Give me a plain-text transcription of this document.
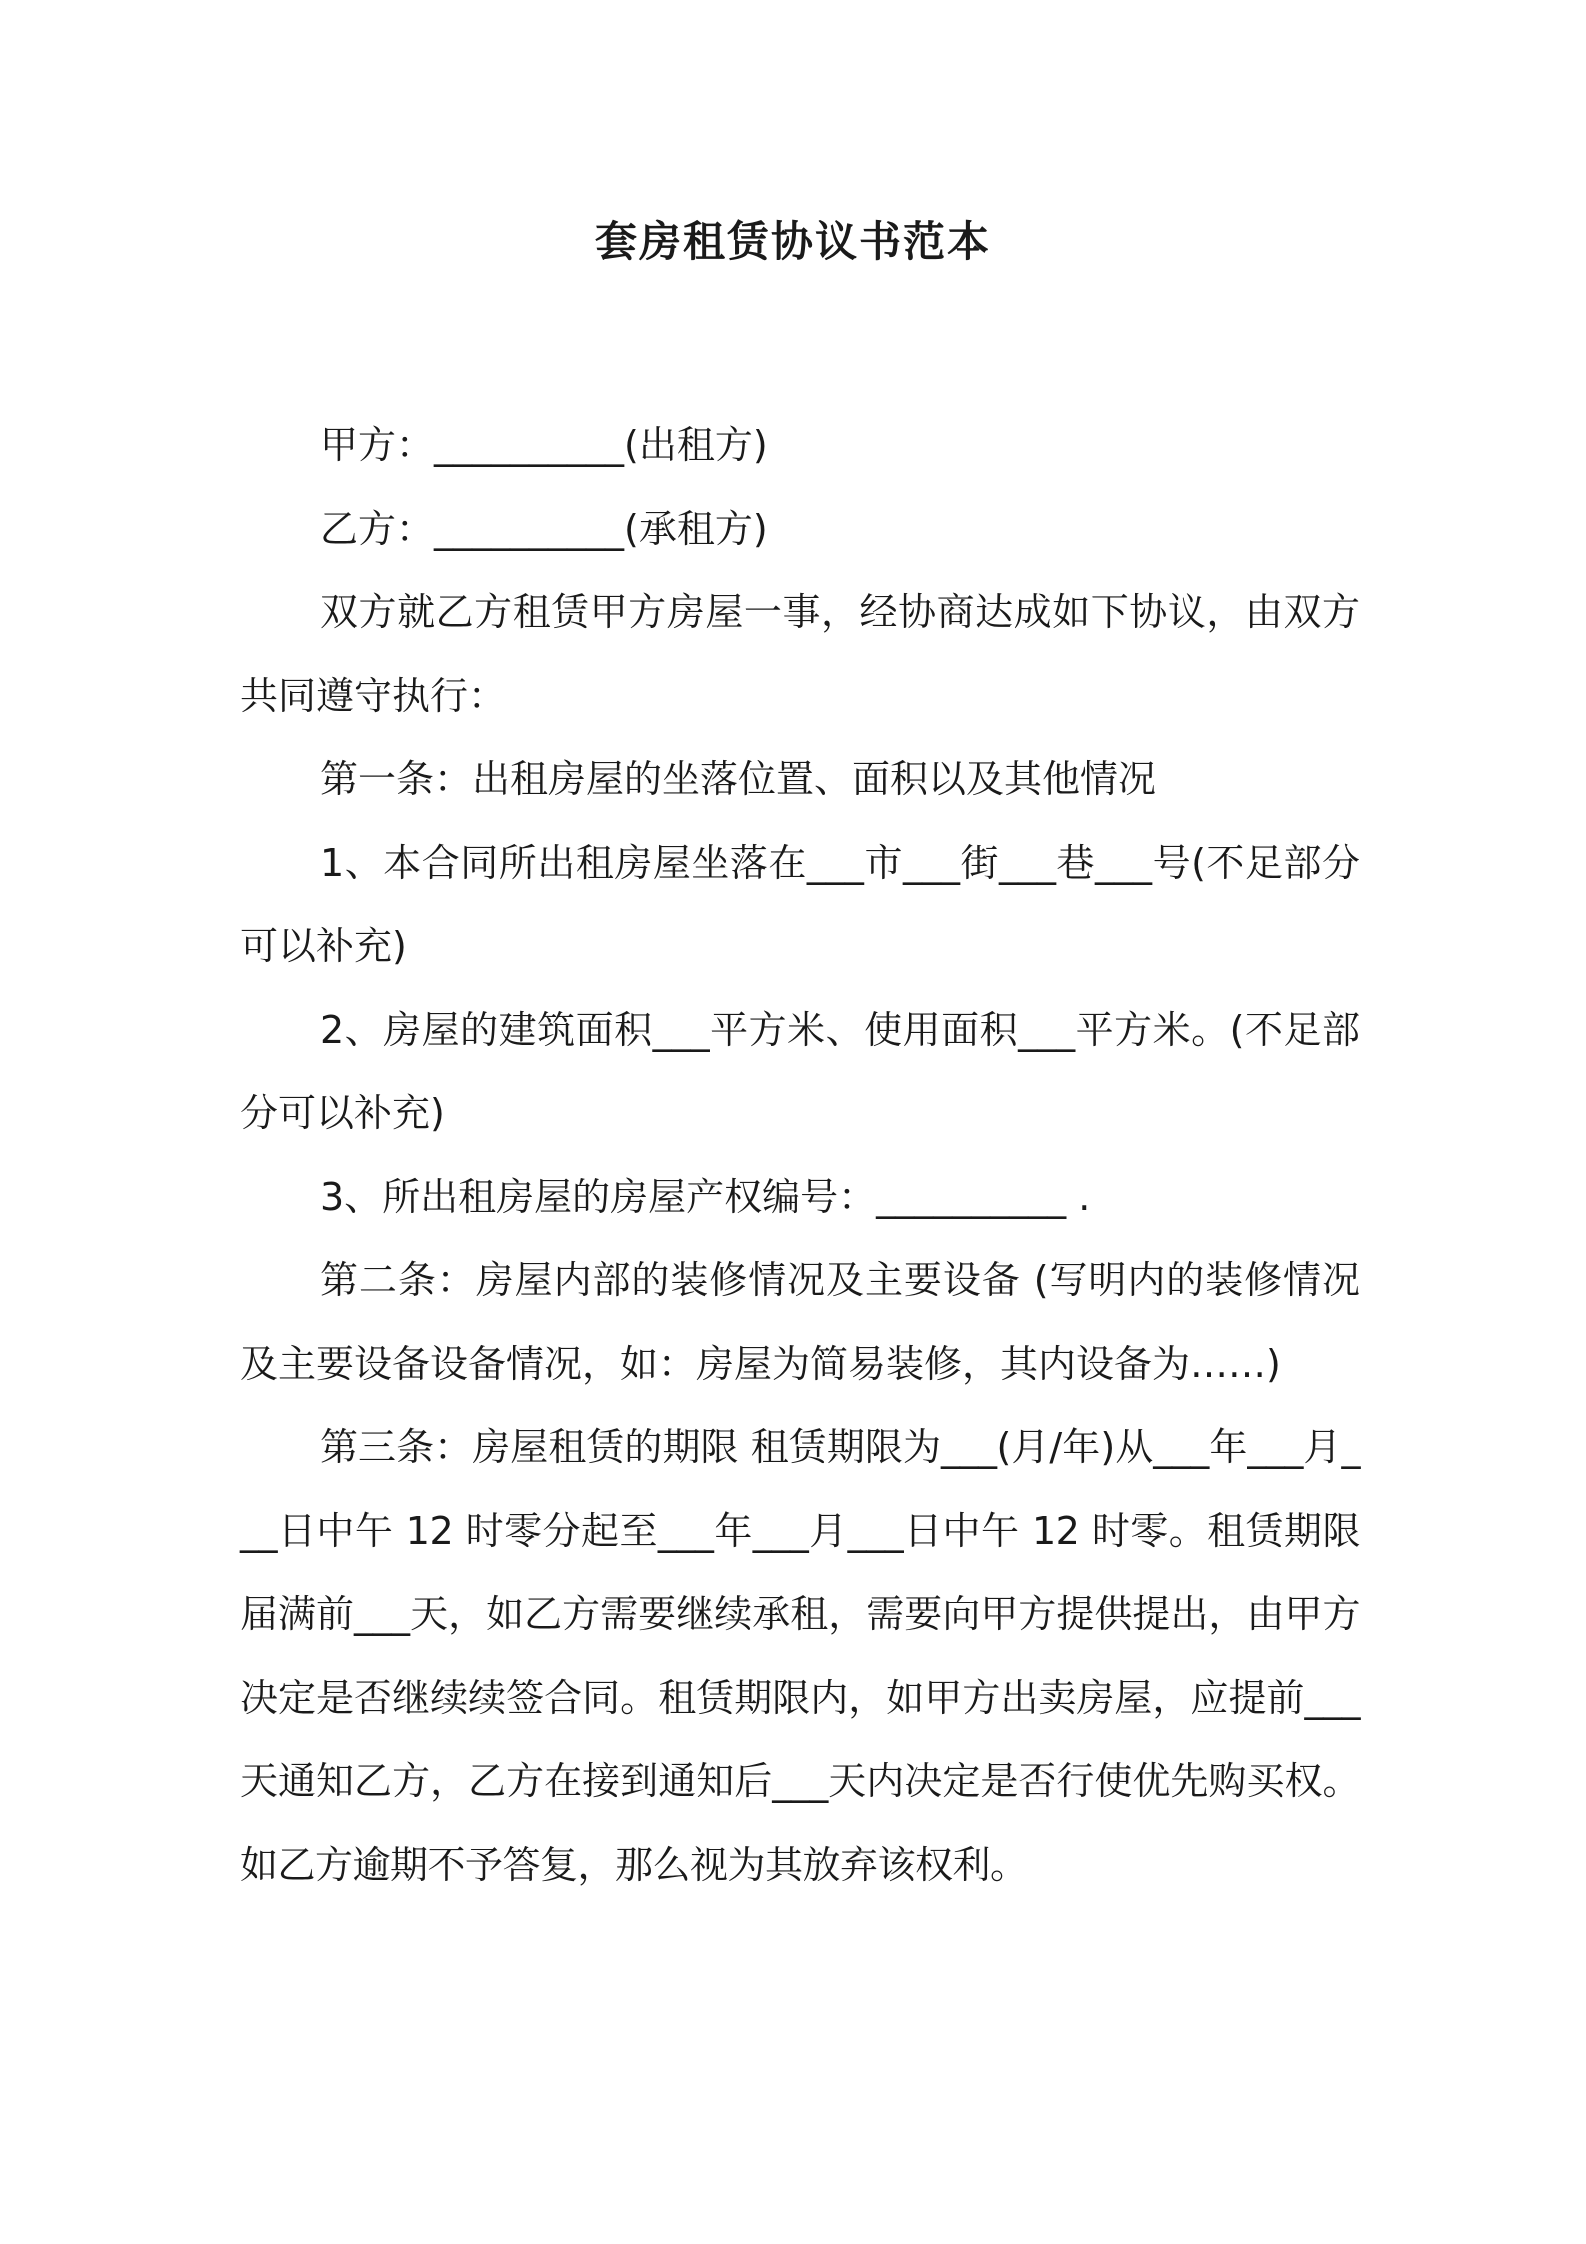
套房租赁协议书范本

甲方：__________(出租方)

乙方：__________(承租方)

双方就乙方租赁甲方房屋一事，经协商达成如下协议，由双方共同遵守执行：

第一条：出租房屋的坐落位置、面积以及其他情况

1、本合同所出租房屋坐落在___市___街___巷___号(不足部分可以补充)

2、房屋的建筑面积___平方米、使用面积___平方米。(不足部分可以补充)

3、所出租房屋的房屋产权编号：__________ .

第二条：房屋内部的装修情况及主要设备 (写明内的装修情况及主要设备设备情况，如：房屋为简易装修，其内设备为……)

第三条：房屋租赁的期限 租赁期限为___(月/年)从___年___月___日中午 12 时零分起至___年___月___日中午 12 时零。租赁期限届满前___天，如乙方需要继续承租，需要向甲方提供提出，由甲方决定是否继续续签合同。租赁期限内，如甲方出卖房屋，应提前___天通知乙方，乙方在接到通知后___天内决定是否行使优先购买权。如乙方逾期不予答复，那么视为其放弃该权利。
